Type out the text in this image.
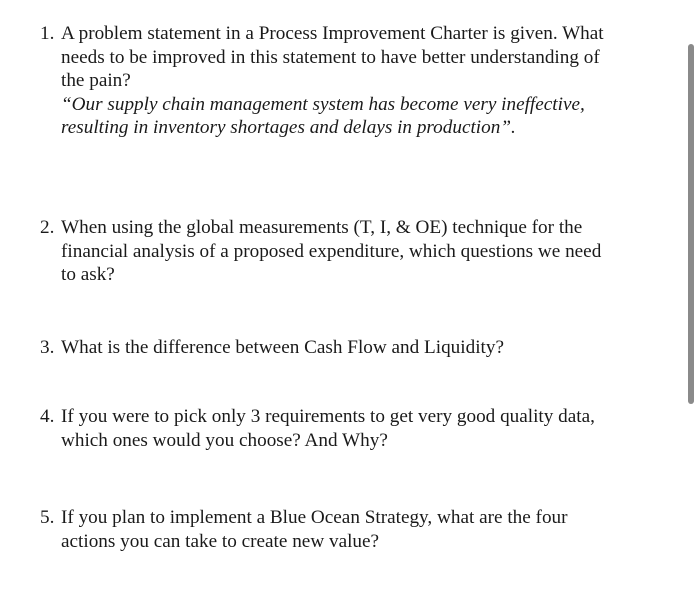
1. A problem statement in a Process Improvement Charter is given. What
needs to be improved in this statement to have better understanding of
the pain?
“Our supply chain management system has become very ineffective,
resulting in inventory shortages and delays in production”.
2. When using the global measurements (T, I, & OE) technique for the
financial analysis of a proposed expenditure, which questions we need
to ask?
3. What is the difference between Cash Flow and Liquidity?
4. If you were to pick only 3 requirements to get very good quality data,
which ones would you choose? And Why?
5. If you plan to implement a Blue Ocean Strategy, what are the four
actions you can take to create new value?
